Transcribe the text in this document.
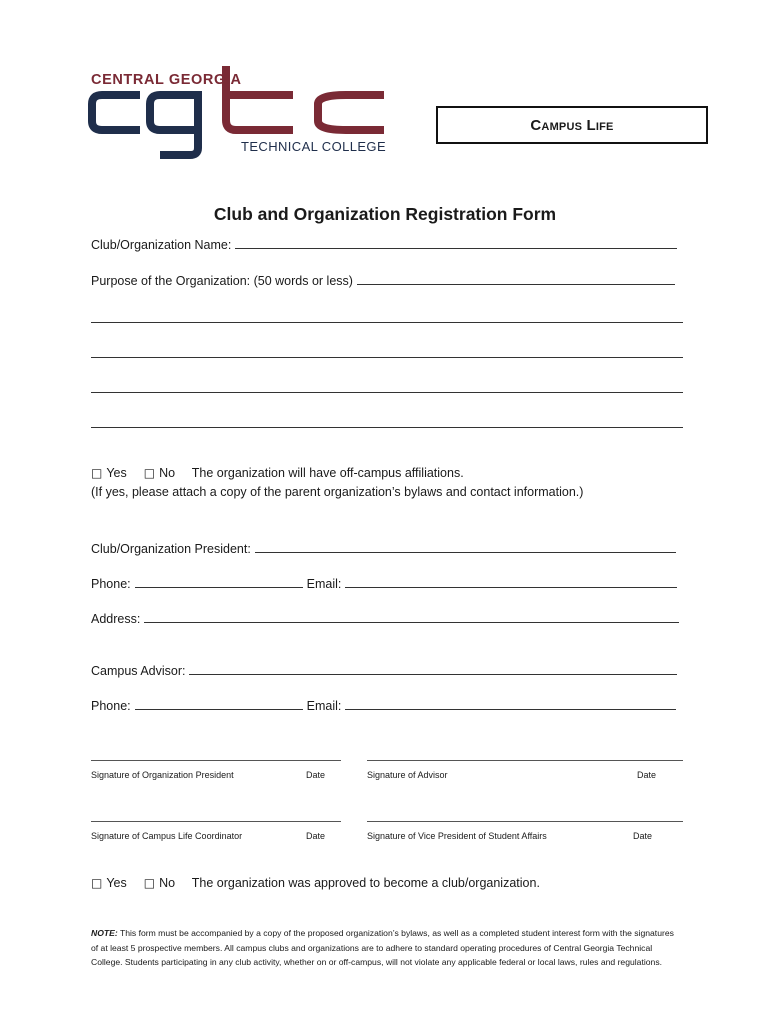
CENTRAL GEORGIA
TECHNICAL COLLEGE
Campus Life
Club and Organization Registration Form
Club/Organization Name:
Purpose of the Organization: (50 words or less)
□ Yes □ No The organization will have off-campus affiliations.
(If yes, please attach a copy of the parent organization’s bylaws and contact information.)
Club/Organization President:
Phone:	Email:
Address:
Campus Advisor:
Phone:	Email:
Signature of Organization President	Date	Signature of Advisor	Date
Signature of Campus Life Coordinator	Date	Signature of Vice President of Student Affairs	Date
□ Yes □ No The organization was approved to become a club/organization.
NOTE: This form must be accompanied by a copy of the proposed organization’s bylaws, as well as a completed student interest form with the signatures of at least 5 prospective members. All campus clubs and organizations are to adhere to standard operating procedures of Central Georgia Technical College. Students participating in any club activity, whether on or off-campus, will not violate any applicable federal or local laws, rules and regulations.
